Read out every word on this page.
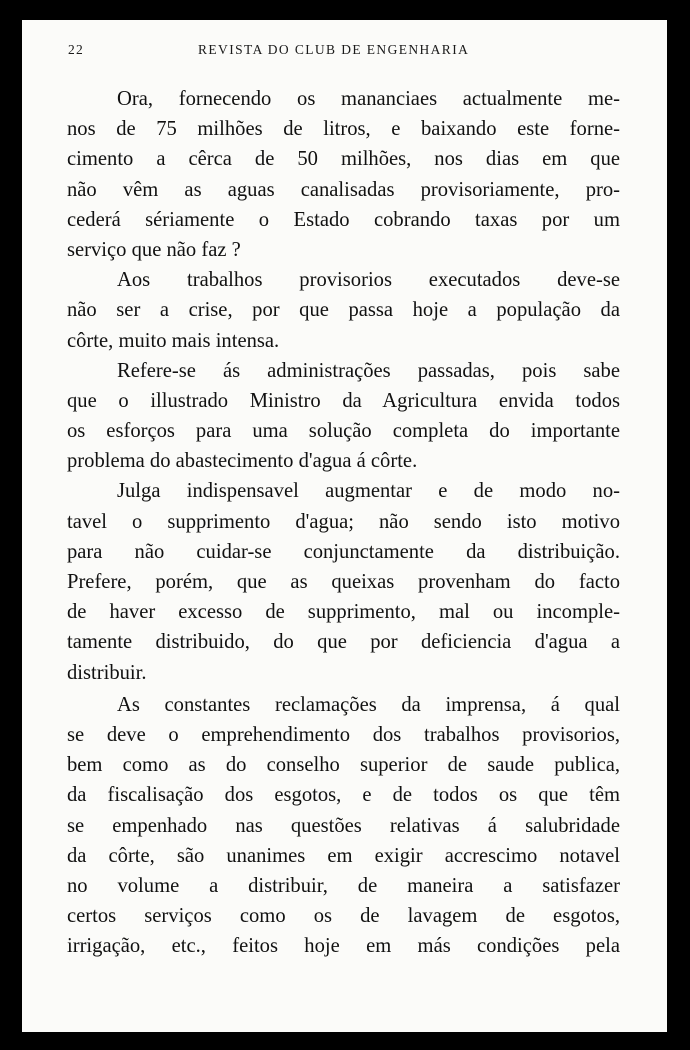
22	REVISTA DO CLUB DE ENGENHARIA
Ora, fornecendo os mananciaes actualmente me-
nos de 75 milhões de litros, e baixando este forne-
cimento a cêrca de 50 milhões, nos dias em que
não vêm as aguas canalisadas provisoriamente, pro-
cederá sériamente o Estado cobrando taxas por um
serviço que não faz ?
Aos trabalhos provisorios executados deve-se
não ser a crise, por que passa hoje a população da
côrte, muito mais intensa.
Refere-se ás administrações passadas, pois sabe
que o illustrado Ministro da Agricultura envida todos
os esforços para uma solução completa do importante
problema do abastecimento d'agua á côrte.
Julga indispensavel augmentar e de modo no-
tavel o supprimento d'agua; não sendo isto motivo
para não cuidar-se conjunctamente da distribuição.
Prefere, porém, que as queixas provenham do facto
de haver excesso de supprimento, mal ou incomple-
tamente distribuido, do que por deficiencia d'agua a
distribuir.
As constantes reclamações da imprensa, á qual
se deve o emprehendimento dos trabalhos provisorios,
bem como as do conselho superior de saude publica,
da fiscalisação dos esgotos, e de todos os que têm
se empenhado nas questões relativas á salubridade
da côrte, são unanimes em exigir accrescimo notavel
no volume a distribuir, de maneira a satisfazer
certos serviços como os de lavagem de esgotos,
irrigação, etc., feitos hoje em más condições pela
